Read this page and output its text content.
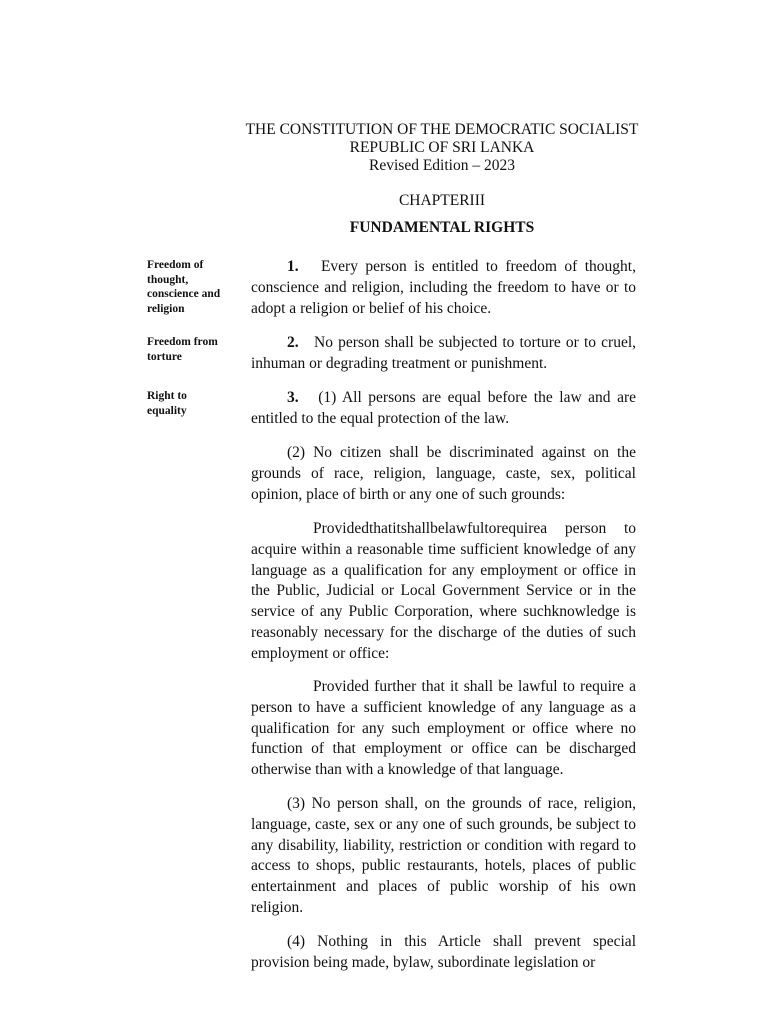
THE CONSTITUTION OF THE DEMOCRATIC SOCIALIST
REPUBLIC OF SRI LANKA
Revised Edition – 2023
CHAPTERIII
FUNDAMENTAL RIGHTS
Freedom of thought, conscience and religion
Freedom from torture
Right to equality
1. Every person is entitled to freedom of thought, conscience and religion, including the freedom to have or to adopt a religion or belief of his choice.
2. No person shall be subjected to torture or to cruel, inhuman or degrading treatment or punishment.
3. (1) All persons are equal before the law and are entitled to the equal protection of the law.
(2) No citizen shall be discriminated against on the grounds of race, religion, language, caste, sex, political opinion, place of birth or any one of such grounds:
Providedthatitshallbelawfultorequirea person to acquire within a reasonable time sufficient knowledge of any language as a qualification for any employment or office in the Public, Judicial or Local Government Service or in the service of any Public Corporation, where suchknowledge is reasonably necessary for the discharge of the duties of such employment or office:
Provided further that it shall be lawful to require a person to have a sufficient knowledge of any language as a qualification for any such employment or office where no function of that employment or office can be discharged otherwise than with a knowledge of that language.
(3) No person shall, on the grounds of race, religion, language, caste, sex or any one of such grounds, be subject to any disability, liability, restriction or condition with regard to access to shops, public restaurants, hotels, places of public entertainment and places of public worship of his own religion.
(4) Nothing in this Article shall prevent special provision being made, bylaw, subordinate legislation or
